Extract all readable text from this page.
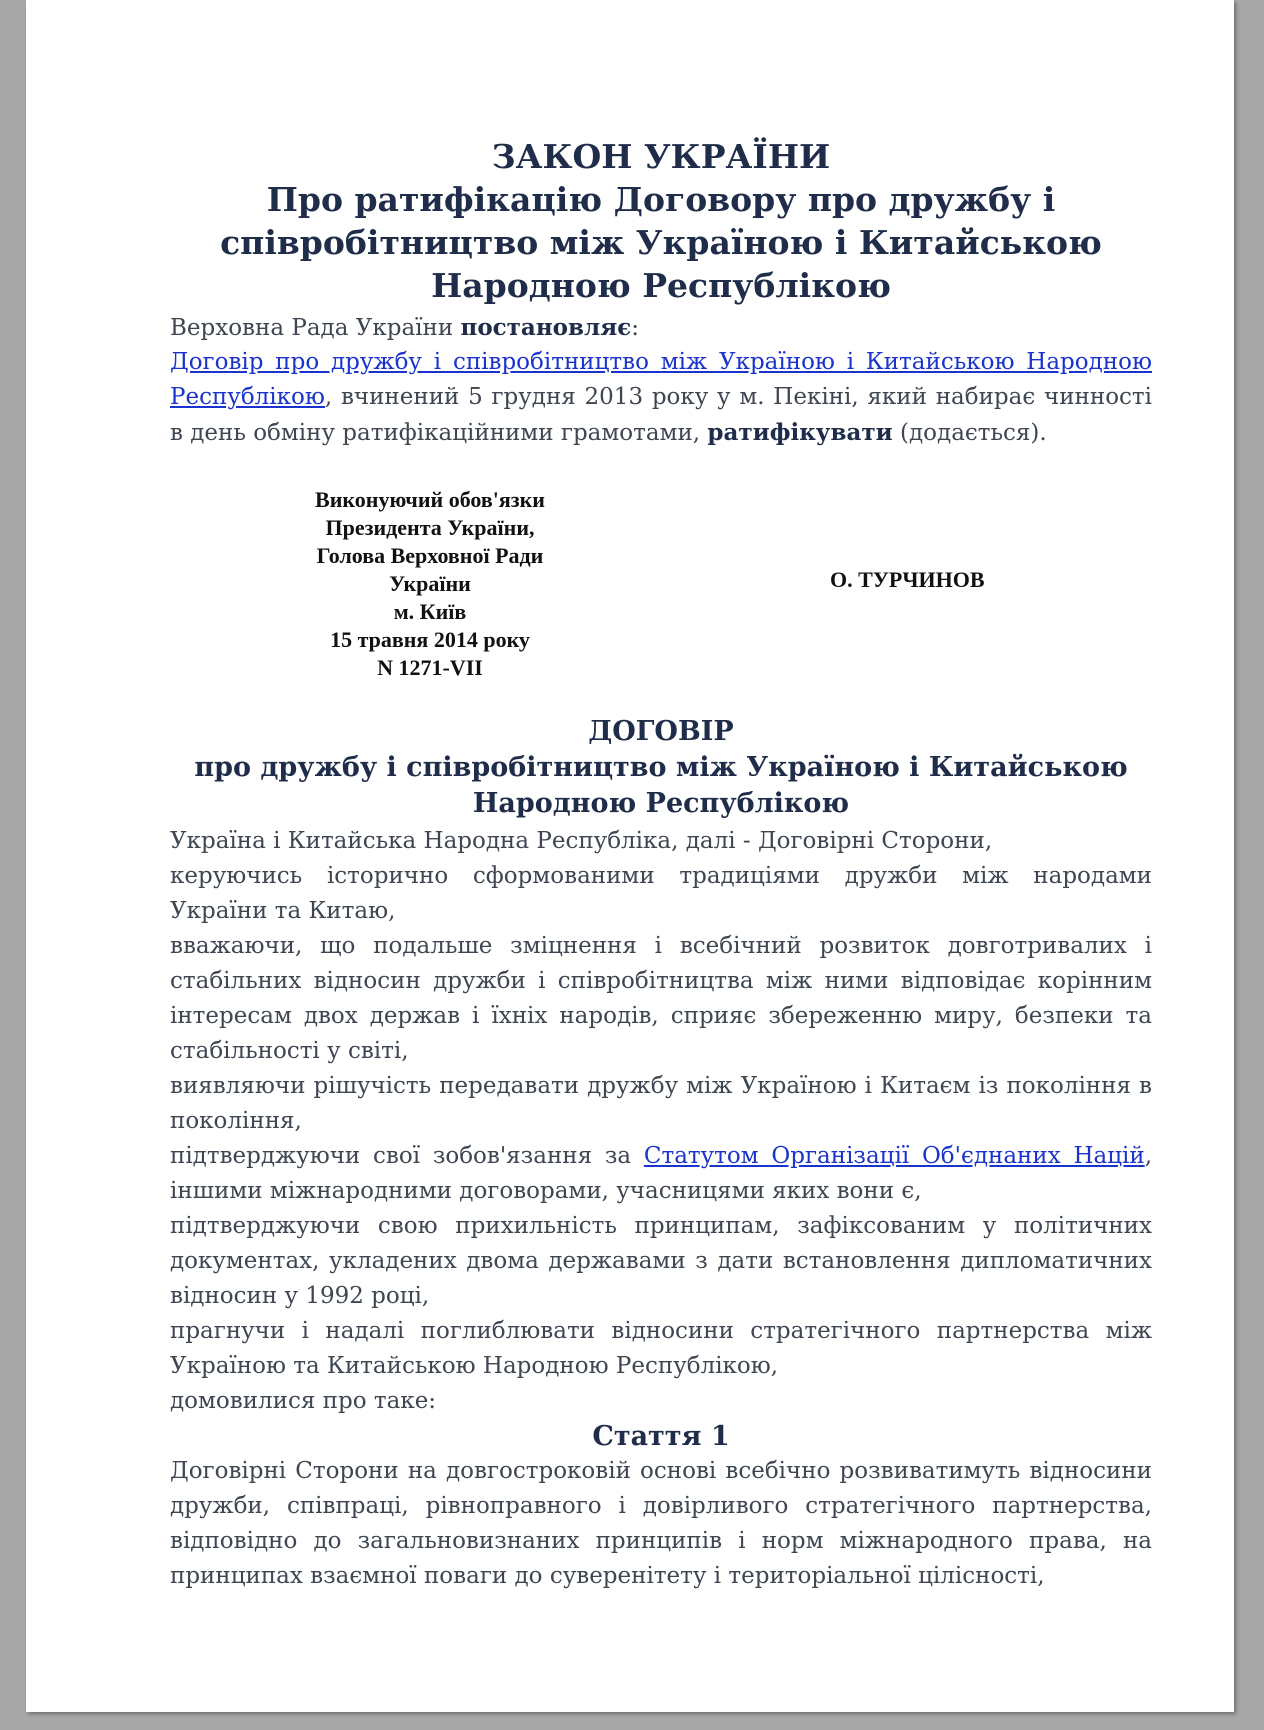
ЗАКОН УКРАЇНИ
Про ратифікацію Договору про дружбу і
співробітництво між Україною і Китайською
Народною Республікою

Верховна Рада України постановляє:

Договір про дружбу і співробітництво між Україною і Китайською Народною Республікою, вчинений 5 грудня 2013 року у м. Пекіні, який набирає чинності в день обміну ратифікаційними грамотами, ратифікувати (додається).

Виконуючий обов'язки
Президента України,
Голова Верховної Ради
України
м. Київ
15 травня 2014 року
N 1271-VII
О. ТУРЧИНОВ
ДОГОВІР
про дружбу і співробітництво між Україною і Китайською
Народною Республікою

Україна і Китайська Народна Республіка, далі - Договірні Сторони,

керуючись історично сформованими традиціями дружби між народами України та Китаю,

вважаючи, що подальше зміцнення і всебічний розвиток довготривалих і стабільних відносин дружби і співробітництва між ними відповідає корінним інтересам двох держав і їхніх народів, сприяє збереженню миру, безпеки та стабільності у світі,

виявляючи рішучість передавати дружбу між Україною і Китаєм із покоління в покоління,

підтверджуючи свої зобов'язання за Статутом Організації Об'єднаних Націй, іншими міжнародними договорами, учасницями яких вони є,

підтверджуючи свою прихильність принципам, зафіксованим у політичних документах, укладених двома державами з дати встановлення дипломатичних відносин у 1992 році,

прагнучи і надалі поглиблювати відносини стратегічного партнерства між Україною та Китайською Народною Республікою,

домовилися про таке:

Стаття 1

Договірні Сторони на довгостроковій основі всебічно розвиватимуть відносини дружби, співпраці, рівноправного і довірливого стратегічного партнерства, відповідно до загальновизнаних принципів і норм міжнародного права, на принципах взаємної поваги до суверенітету і територіальної цілісності,
